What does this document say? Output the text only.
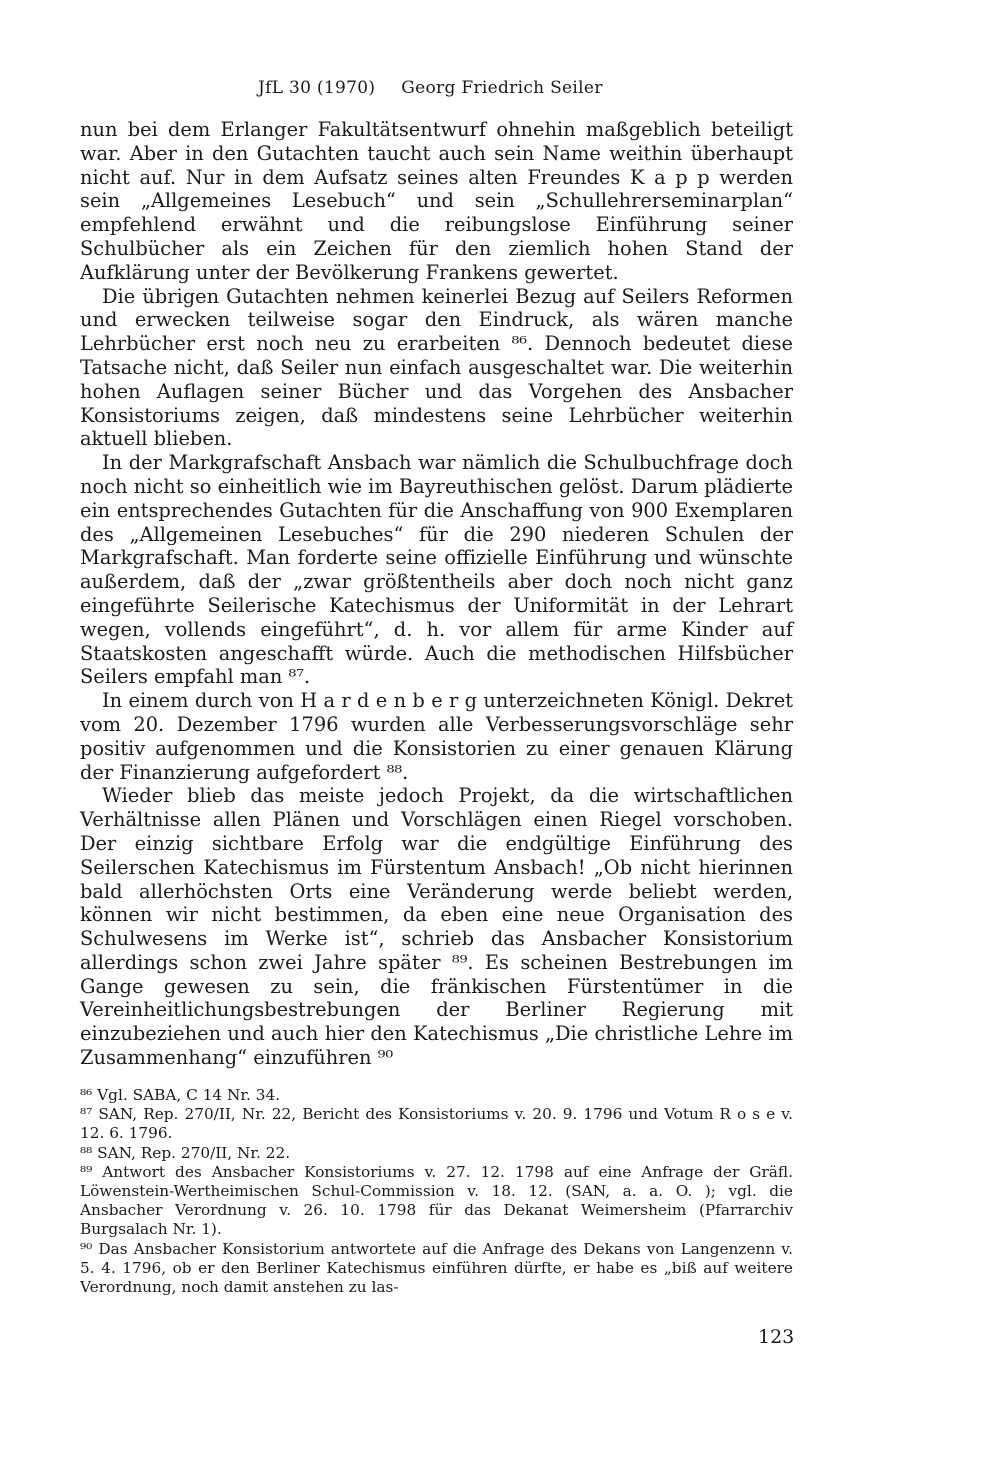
JfL 30 (1970) Georg Friedrich Seiler

nun bei dem Erlanger Fakultätsentwurf ohnehin maßgeblich beteiligt war. Aber in den Gutachten taucht auch sein Name weithin überhaupt nicht auf. Nur in dem Aufsatz seines alten Freundes K a p p werden sein „Allgemeines Lesebuch“ und sein „Schullehrerseminarplan“ empfehlend erwähnt und die reibungslose Einführung seiner Schulbücher als ein Zeichen für den ziemlich hohen Stand der Aufklärung unter der Bevölkerung Frankens gewertet.

Die übrigen Gutachten nehmen keinerlei Bezug auf Seilers Reformen und erwecken teilweise sogar den Eindruck, als wären manche Lehrbücher erst noch neu zu erarbeiten ⁸⁶. Dennoch bedeutet diese Tatsache nicht, daß Seiler nun einfach ausgeschaltet war. Die weiterhin hohen Auflagen seiner Bücher und das Vorgehen des Ansbacher Konsistoriums zeigen, daß mindestens seine Lehrbücher weiterhin aktuell blieben.

In der Markgrafschaft Ansbach war nämlich die Schulbuchfrage doch noch nicht so einheitlich wie im Bayreuthischen gelöst. Darum plädierte ein entsprechendes Gutachten für die Anschaffung von 900 Exemplaren des „Allgemeinen Lesebuches“ für die 290 niederen Schulen der Markgrafschaft. Man forderte seine offizielle Einführung und wünschte außerdem, daß der „zwar größtentheils aber doch noch nicht ganz eingeführte Seilerische Katechismus der Uniformität in der Lehrart wegen, vollends eingeführt“, d. h. vor allem für arme Kinder auf Staatskosten angeschafft würde. Auch die methodischen Hilfsbücher Seilers empfahl man ⁸⁷.

In einem durch von H a r d e n b e r g unterzeichneten Königl. Dekret vom 20. Dezember 1796 wurden alle Verbesserungsvorschläge sehr positiv aufgenommen und die Konsistorien zu einer genauen Klärung der Finanzierung aufgefordert ⁸⁸.

Wieder blieb das meiste jedoch Projekt, da die wirtschaftlichen Verhältnisse allen Plänen und Vorschlägen einen Riegel vorschoben. Der einzig sichtbare Erfolg war die endgültige Einführung des Seilerschen Katechismus im Fürstentum Ansbach! „Ob nicht hierinnen bald allerhöchsten Orts eine Veränderung werde beliebt werden, können wir nicht bestimmen, da eben eine neue Organisation des Schulwesens im Werke ist“, schrieb das Ansbacher Konsistorium allerdings schon zwei Jahre später ⁸⁹. Es scheinen Bestrebungen im Gange gewesen zu sein, die fränkischen Fürstentümer in die Vereinheitlichungsbestrebungen der Berliner Regierung mit einzubeziehen und auch hier den Katechismus „Die christliche Lehre im Zusammenhang“ einzuführen ⁹⁰

⁸⁶ Vgl. SABA, C 14 Nr. 34.

⁸⁷ SAN, Rep. 270/II, Nr. 22, Bericht des Konsistoriums v. 20. 9. 1796 und Votum R o s e v. 12. 6. 1796.

⁸⁸ SAN, Rep. 270/II, Nr. 22.

⁸⁹ Antwort des Ansbacher Konsistoriums v. 27. 12. 1798 auf eine Anfrage der Gräfl. Löwenstein-Wertheimischen Schul-Commission v. 18. 12. (SAN, a. a. O. ); vgl. die Ansbacher Verordnung v. 26. 10. 1798 für das Dekanat Weimersheim (Pfarrarchiv Burgsalach Nr. 1).

⁹⁰ Das Ansbacher Konsistorium antwortete auf die Anfrage des Dekans von Langenzenn v. 5. 4. 1796, ob er den Berliner Katechismus einführen dürfte, er habe es „biß auf weitere Verordnung, noch damit anstehen zu las-

123
